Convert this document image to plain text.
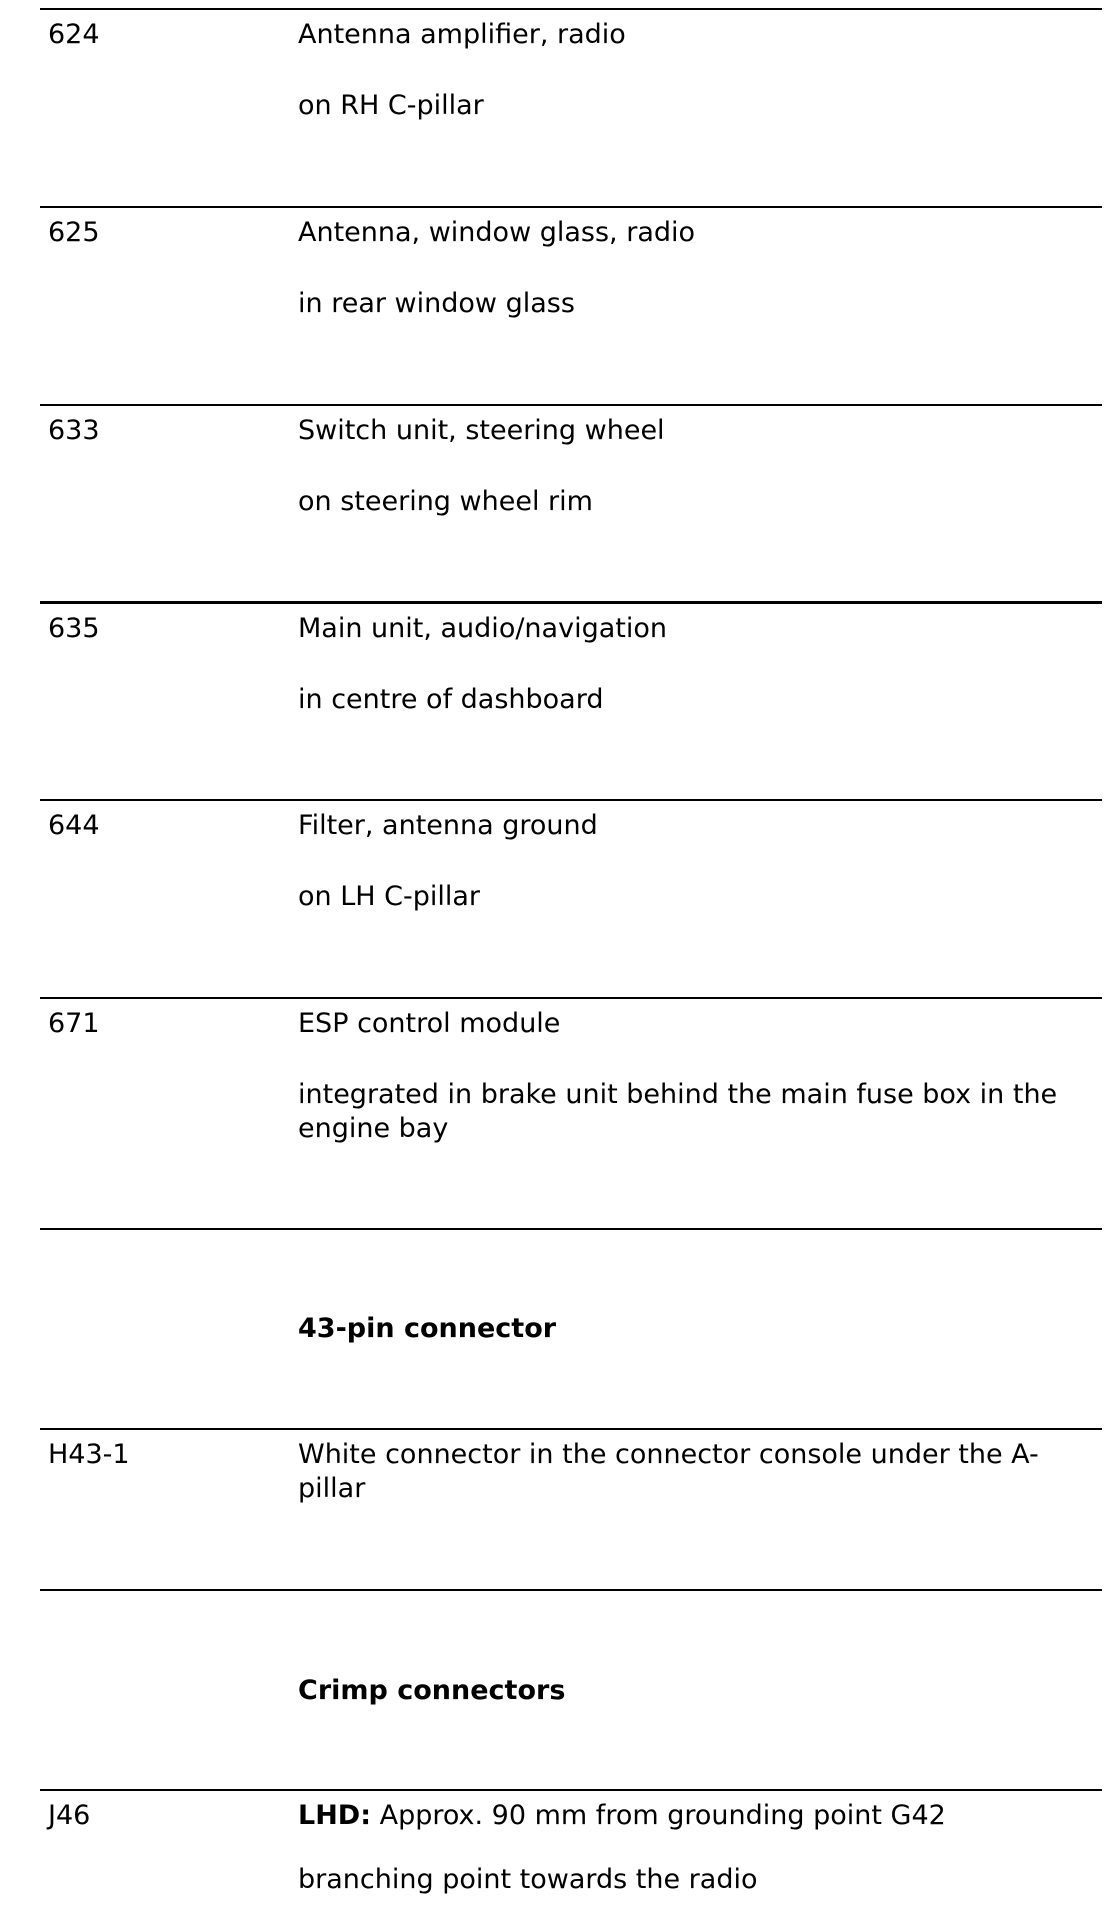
624	Antenna amplifier, radio
on RH C-pillar
625	Antenna, window glass, radio
in rear window glass
633	Switch unit, steering wheel
on steering wheel rim
635	Main unit, audio/navigation
in centre of dashboard
644	Filter, antenna ground
on LH C-pillar
671	ESP control module
integrated in brake unit behind the main fuse box in the engine bay
43-pin connector
H43-1	White connector in the connector console under the A-pillar
Crimp connectors
J46	LHD: Approx. 90 mm from grounding point G42
branching point towards the radio
